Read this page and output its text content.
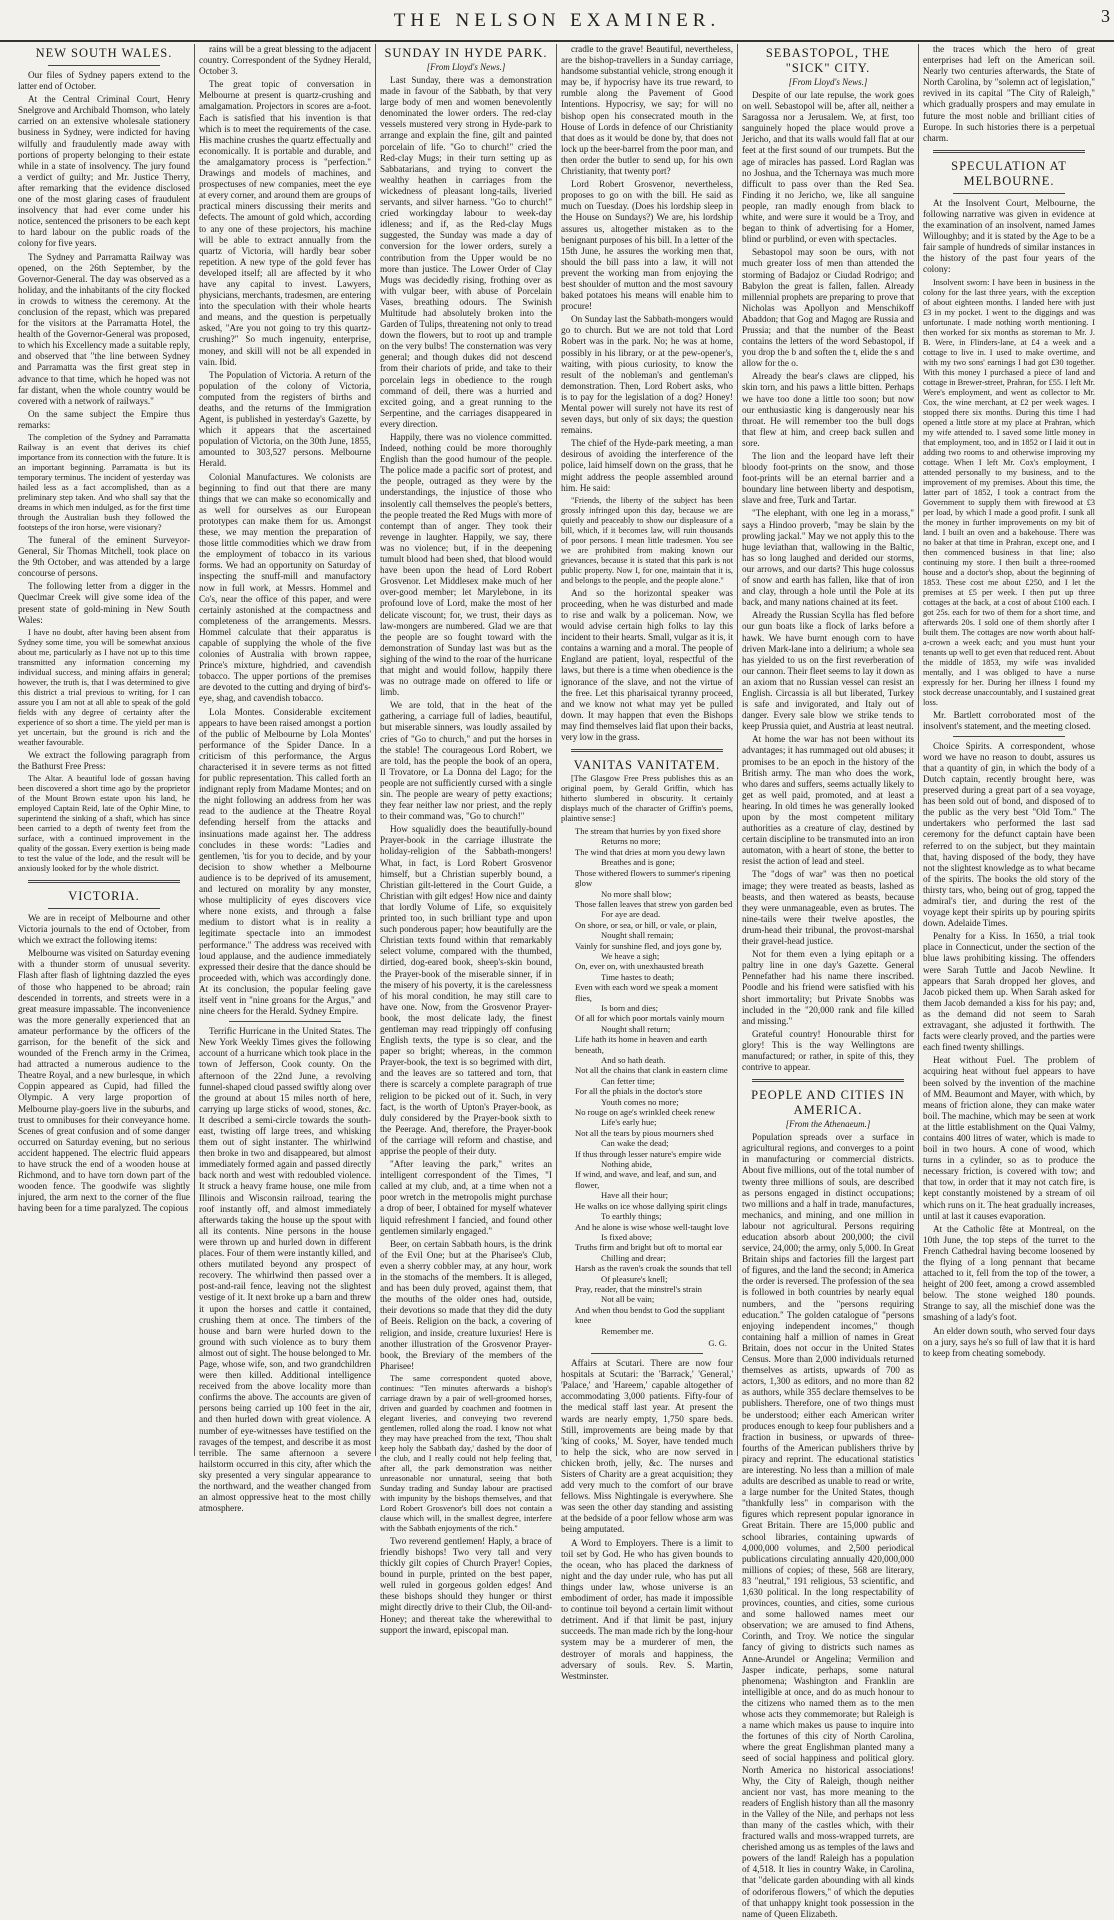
THE NELSON EXAMINER.	3
NEW SOUTH WALES.

Our files of Sydney papers extend to the latter end of October.

At the Central Criminal Court, Henry Snelgrove and Archibald Thomson, who lately carried on an extensive wholesale stationery business in Sydney, were indicted for having wilfully and fraudulently made away with portions of property belonging to their estate while in a state of insolvency. The jury found a verdict of guilty; and Mr. Justice Therry, after remarking that the evidence disclosed one of the most glaring cases of fraudulent insolvency that had ever come under his notice, sentenced the prisoners to be each kept to hard labour on the public roads of the colony for five years.

The Sydney and Parramatta Railway was opened, on the 26th September, by the Governor-General. The day was observed as a holiday, and the inhabitants of the city flocked in crowds to witness the ceremony. At the conclusion of the repast, which was prepared for the visitors at the Parramatta Hotel, the health of the Governor-General was proposed, to which his Excellency made a suitable reply, and observed that "the line between Sydney and Parramatta was the first great step in advance to that time, which he hoped was not far distant, when the whole country would be covered with a network of railways."

On the same subject the Empire thus remarks:

The completion of the Sydney and Parramatta Railway is an event that derives its chief importance from its connection with the future. It is an important beginning. Parramatta is but its temporary terminus. The incident of yesterday was hailed less as a fact accomplished, than as a preliminary step taken. And who shall say that the dreams in which men indulged, as for the first time through the Australian bush they followed the footsteps of the iron horse, were visionary?

The funeral of the eminent Surveyor-General, Sir Thomas Mitchell, took place on the 9th October, and was attended by a large concourse of persons.

The following letter from a digger in the Queclmar Creek will give some idea of the present state of gold-mining in New South Wales:

I have no doubt, after having been absent from Sydney some time, you will be somewhat anxious about me, particularly as I have not up to this time transmitted any information concerning my individual success, and mining affairs in general; however, the truth is, that I was determined to give this district a trial previous to writing, for I can assure you I am not at all able to speak of the gold fields with any degree of certainty after the experience of so short a time. The yield per man is yet uncertain, but the ground is rich and the weather favourable.

We extract the following paragraph from the Bathurst Free Press:

The Altar. A beautiful lode of gossan having been discovered a short time ago by the proprietor of the Mount Brown estate upon his land, he employed Captain Reid, late of the Ophir Mine, to superintend the sinking of a shaft, which has since been carried to a depth of twenty feet from the surface, with a continued improvement in the quality of the gossan. Every exertion is being made to test the value of the lode, and the result will be anxiously looked for by the whole district.

VICTORIA.

We are in receipt of Melbourne and other Victoria journals to the end of October, from which we extract the following items:

Melbourne was visited on Saturday evening with a thunder storm of unusual severity. Flash after flash of lightning dazzled the eyes of those who happened to be abroad; rain descended in torrents, and streets were in a great measure impassable. The inconvenience was the more generally experienced that an amateur performance by the officers of the garrison, for the benefit of the sick and wounded of the French army in the Crimea, had attracted a numerous audience to the Theatre Royal, and a new burlesque, in which Coppin appeared as Cupid, had filled the Olympic. A very large proportion of Melbourne play-goers live in the suburbs, and trust to omnibuses for their conveyance home. Scenes of great confusion and of some danger occurred on Saturday evening, but no serious accident happened. The electric fluid appears to have struck the end of a wooden house at Richmond, and to have torn down part of the wooden fence. The goodwife was slightly injured, the arm next to the corner of the flue having been for a time paralyzed. The copious

rains will be a great blessing to the adjacent country. Correspondent of the Sydney Herald, October 3.

The great topic of conversation in Melbourne at present is quartz-crushing and amalgamation. Projectors in scores are a-foot. Each is satisfied that his invention is that which is to meet the requirements of the case. His machine crushes the quartz effectually and economically. It is portable and durable, and the amalgamatory process is "perfection." Drawings and models of machines, and prospectuses of new companies, meet the eye at every corner, and around them are groups of practical miners discussing their merits and defects. The amount of gold which, according to any one of these projectors, his machine will be able to extract annually from the quartz of Victoria, will hardly bear sober repetition. A new type of the gold fever has developed itself; all are affected by it who have any capital to invest. Lawyers, physicians, merchants, tradesmen, are entering into the speculation with their whole hearts and means, and the question is perpetually asked, "Are you not going to try this quartz-crushing?" So much ingenuity, enterprise, money, and skill will not be all expended in vain. Ibid.

The Population of Victoria. A return of the population of the colony of Victoria, computed from the registers of births and deaths, and the returns of the Immigration Agent, is published in yesterday's Gazette, by which it appears that the ascertained population of Victoria, on the 30th June, 1855, amounted to 303,527 persons. Melbourne Herald.

Colonial Manufactures. We colonists are beginning to find out that there are many things that we can make so economically and as well for ourselves as our European prototypes can make them for us. Amongst these, we may mention the preparation of those little commodities which we draw from the employment of tobacco in its various forms. We had an opportunity on Saturday of inspecting the snuff-mill and manufactory now in full work, at Messrs. Hommel and Co's, near the office of this paper, and were certainly astonished at the compactness and completeness of the arrangements. Messrs. Hommel calculate that their apparatus is capable of supplying the whole of the five colonies of Australia with brown rappee, Prince's mixture, highdried, and cavendish tobacco. The upper portions of the premises are devoted to the cutting and drying of bird's-eye, shag, and cavendish tobacco.

Lola Montes. Considerable excitement appears to have been raised amongst a portion of the public of Melbourne by Lola Montes' performance of the Spider Dance. In a criticism of this performance, the Argus characterised it in severe terms as not fitted for public representation. This called forth an indignant reply from Madame Montes; and on the night following an address from her was read to the audience at the Theatre Royal defending herself from the attacks and insinuations made against her. The address concludes in these words: "Ladies and gentlemen, 'tis for you to decide, and by your decision to show whether a Melbourne audience is to be deprived of its amusement, and lectured on morality by any monster, whose multiplicity of eyes discovers vice where none exists, and through a false medium to distort what is in reality a legitimate spectacle into an immodest performance." The address was received with loud applause, and the audience immediately expressed their desire that the dance should be proceeded with, which was accordingly done. At its conclusion, the popular feeling gave itself vent in "nine groans for the Argus," and nine cheers for the Herald. Sydney Empire.

Terrific Hurricane in the United States. The New York Weekly Times gives the following account of a hurricane which took place in the town of Jefferson, Cook county. On the afternoon of the 22nd June, a revolving funnel-shaped cloud passed swiftly along over the ground at about 15 miles north of here, carrying up large sticks of wood, stones, &c. It described a semi-circle towards the south-east, twisting off large trees, and whisking them out of sight instanter. The whirlwind then broke in two and disappeared, but almost immediately formed again and passed directly back north and west with redoubled violence. It struck a heavy frame house, one mile from Illinois and Wisconsin railroad, tearing the roof instantly off, and almost immediately afterwards taking the house up the spout with all its contents. Nine persons in the house were thrown up and hurled down in different places. Four of them were instantly killed, and others mutilated beyond any prospect of recovery. The whirlwind then passed over a post-and-rail fence, leaving not the slightest vestige of it. It next broke up a barn and threw it upon the horses and cattle it contained, crushing them at once. The timbers of the house and barn were hurled down to the ground with such violence as to bury them almost out of sight. The house belonged to Mr. Page, whose wife, son, and two grandchildren were then killed. Additional intelligence received from the above locality more than confirms the above. The accounts are given of persons being carried up 100 feet in the air, and then hurled down with great violence. A number of eye-witnesses have testified on the ravages of the tempest, and describe it as most terrible. The same afternoon a severe hailstorm occurred in this city, after which the sky presented a very singular appearance to the northward, and the weather changed from an almost oppressive heat to the most chilly atmosphere.

SUNDAY IN HYDE PARK.
[From Lloyd's News.]

Last Sunday, there was a demonstration made in favour of the Sabbath, by that very large body of men and women benevolently denominated the lower orders. The red-clay vessels mustered very strong in Hyde-park to arrange and explain the fine, gilt and painted porcelain of life. "Go to church!" cried the Red-clay Mugs; in their turn setting up as Sabbatarians, and trying to convert the wealthy heathen in carriages from the wickedness of pleasant long-tails, liveried servants, and silver harness. "Go to church!" cried workingday labour to week-day idleness; and if, as the Red-clay Mugs suggested, the Sunday was made a day of conversion for the lower orders, surely a contribution from the Upper would be no more than justice. The Lower Order of Clay Mugs was decidedly rising, frothing over as with vulgar beer, with abuse of Porcelain Vases, breathing odours. The Swinish Multitude had absolutely broken into the Garden of Tulips, threatening not only to tread down the flowers, but to root up and trample on the very bulbs! The consternation was very general; and though dukes did not descend from their chariots of pride, and take to their porcelain legs in obedience to the rough command of deil, there was a hurried and excited going, and a great running to the Serpentine, and the carriages disappeared in every direction.

Happily, there was no violence committed. Indeed, nothing could be more thoroughly English than the good humour of the people. The police made a pacific sort of protest, and the people, outraged as they were by the understandings, the injustice of those who insolently call themselves the people's betters, the people treated the Red Mugs with more of contempt than of anger. They took their revenge in laughter. Happily, we say, there was no violence; but, if in the deepening tumult blood had been shed, that blood would have been upon the head of Lord Robert Grosvenor. Let Middlesex make much of her over-good member; let Marylebone, in its profound love of Lord, make the most of her delicate viscount; for, we trust, their days as law-mongers are numbered. Glad we are that the people are so fought toward with the demonstration of Sunday last was but as the sighing of the wind to the roar of the hurricane that might and would follow, happily there was no outrage made on offered to life or limb.

We are told, that in the heat of the gathering, a carriage full of ladies, beautiful, but miserable sinners, was loudly assailed by cries of "Go to church," and put the horses in the stable! The courageous Lord Robert, we are told, has the people the book of an opera, Il Trovatore, or La Donna del Lago; for the people are not sufficiently cursed with a single sin. The people are weary of petty exactions; they fear neither law nor priest, and the reply to their command was, "Go to church!"

How squalidly does the beautifully-bound Prayer-book in the carriage illustrate the holiday-religion of the Sabbath-mongers! What, in fact, is Lord Robert Grosvenor himself, but a Christian superbly bound, a Christian gilt-lettered in the Court Guide, a Christian with gilt edges! How nice and dainty that lordly Volume of Life, so exquisitely printed too, in such brilliant type and upon such ponderous paper; how beautifully are the Christian texts found within that remarkably select volume, compared with the thumbed, dirtied, dog-eared book, sheep's-skin bound, the Prayer-book of the miserable sinner, if in the misery of his poverty, it is the carelessness of his moral condition, he may still care to have one. Now, from the Grosvenor Prayer-book, the most delicate lady, the finest gentleman may read trippingly off confusing English texts, the type is so clear, and the paper so bright; whereas, in the common Prayer-book, the text is so begrimed with dirt, and the leaves are so tattered and torn, that there is scarcely a complete paragraph of true religion to be picked out of it. Such, in very fact, is the worth of Upton's Prayer-book, as duly considered by the Prayer-book sixth to the Peerage. And, therefore, the Prayer-book of the carriage will reform and chastise, and apprise the people of their duty.

"After leaving the park," writes an intelligent correspondent of the Times, "I called at my club, and, at a time when not a poor wretch in the metropolis might purchase a drop of beer, I obtained for myself whatever liquid refreshment I fancied, and found other gentlemen similarly engaged."

Beer, on certain Sabbath hours, is the drink of the Evil One; but at the Pharisee's Club, even a sherry cobbler may, at any hour, work in the stomachs of the members. It is alleged, and has been duly proved, against them, that the mouths of the older ones had, outside, their devotions so made that they did the duty of Beeis. Religion on the back, a covering of religion, and inside, creature luxuries! Here is another illustration of the Grosvenor Prayer-book, the Breviary of the members of the Pharisee!

The same correspondent quoted above, continues: "Ten minutes afterwards a bishop's carriage drawn by a pair of well-groomed horses, driven and guarded by coachmen and footmen in elegant liveries, and conveying two reverend gentlemen, rolled along the road. I know not what they may have preached from the text, 'Thou shalt keep holy the Sabbath day,' dashed by the door of the club, and I really could not help feeling that, after all, the park demonstration was neither unreasonable nor unnatural, seeing that both Sunday trading and Sunday labour are practised with impunity by the bishops themselves, and that Lord Robert Grosvenor's bill does not contain a clause which will, in the smallest degree, interfere with the Sabbath enjoyments of the rich."

Two reverend gentlemen! Haply, a brace of friendly bishops! Two very tall and very thickly gilt copies of Church Prayer! Copies, bound in purple, printed on the best paper, well ruled in gorgeous golden edges! And these bishops should they hunger or thirst might directly drive to their Club, the Oil-and-Honey; and thereat take the wherewithal to support the inward, episcopal man.

cradle to the grave! Beautiful, nevertheless, are the bishop-travellers in a Sunday carriage, handsome substantial vehicle, strong enough it may be, if hypocrisy have its true reward, to rumble along the Pavement of Good Intentions. Hypocrisy, we say; for will no bishop open his consecrated mouth in the House of Lords in defence of our Christianity that does as it would be done by, that does not lock up the beer-barrel from the poor man, and then order the butler to send up, for his own Christianity, that twenty port?

Lord Robert Grosvenor, nevertheless, proposes to go on with the bill. He said as much on Tuesday. (Does his lordship sleep in the House on Sundays?) We are, his lordship assures us, altogether mistaken as to the benignant purposes of his bill. In a letter of the 15th June, he assures the working men that, should the bill pass into a law, it will not prevent the working man from enjoying the best shoulder of mutton and the most savoury baked potatoes his means will enable him to procure!

On Sunday last the Sabbath-mongers would go to church. But we are not told that Lord Robert was in the park. No; he was at home, possibly in his library, or at the pew-opener's, waiting, with pious curiosity, to know the result of the nobleman's and gentleman's demonstration. Then, Lord Robert asks, who is to pay for the legislation of a dog? Honey! Mental power will surely not have its rest of seven days, but only of six days; the question remains.

The chief of the Hyde-park meeting, a man desirous of avoiding the interference of the police, laid himself down on the grass, that he might address the people assembled around him. He said:

"Friends, the liberty of the subject has been grossly infringed upon this day, because we are quietly and peaceably to show our displeasure of a bill, which, if it becomes law, will ruin thousands of poor persons. I mean little tradesmen. You see we are prohibited from making known our grievances, because it is stated that this park is not public property. Now I, for one, maintain that it is, and belongs to the people, and the people alone."

And so the horizontal speaker was proceeding, when he was disturbed and made to rise and walk by a policeman. Now, we would advise certain high folks to lay this incident to their hearts. Small, vulgar as it is, it contains a warning and a moral. The people of England are patient, loyal, respectful of the laws, but there is a time when obedience is the ignorance of the slave, and not the virtue of the free. Let this pharisaical tyranny proceed, and we know not what may yet be pulled down. It may happen that even the Bishops may find themselves laid flat upon their backs, very low in the grass.

VANITAS VANITATEM.

[The Glasgow Free Press publishes this as an original poem, by Gerald Griffin, which has hitherto slumbered in obscurity. It certainly displays much of the character of Griffin's poems, plaintive sense:]

The stream that hurries by yon fixed shore
Returns no more;
The wind that dries at morn you dewy lawn
Breathes and is gone;
Those withered flowers to summer's ripening glow
No more shall blow;
Those fallen leaves that strew yon garden bed
For aye are dead.
On shore, or sea, or hill, or vale, or plain,
Nought shall remain;
Vainly for sunshine fled, and joys gone by,
We heave a sigh;
On, ever on, with unexhausted breath
Time hastes to death;
Even with each word we speak a moment flies,
Is born and dies;
Of all for which poor mortals vainly mourn
Nought shall return;
Life hath its home in heaven and earth beneath,
And so hath death.
Not all the chains that clank in eastern clime
Can fetter time;
For all the phials in the doctor's store
Youth comes no more;
No rouge on age's wrinkled cheek renew
Life's early hue;
Not all the tears by pious mourners shed
Can wake the dead;
If thus through lesser nature's empire wide
Nothing abide,
If wind, and wave, and leaf, and sun, and flower,
Have all their hour;
He walks on ice whose dallying spirit clings
To earthly things;
And he alone is wise whose well-taught love
Is fixed above;
Truths firm and bright but oft to mortal ear
Chilling and drear;
Harsh as the raven's croak the sounds that tell
Of pleasure's knell;
Pray, reader, that the minstrel's strain
Not all be vain;
And when thou bendst to God the suppliant knee
Remember me.

G. G.

Affairs at Scutari. There are now four hospitals at Scutari: the 'Barrack,' 'General,' 'Palace,' and 'Hareem,' capable altogether of accommodating 3,000 patients. Fifty-four of the medical staff last year. At present the wards are nearly empty, 1,750 spare beds. Still, improvements are being made by that 'king of cooks,' M. Soyer, have tended much to help the sick, who are now served in chicken broth, jelly, &c. The nurses and Sisters of Charity are a great acquisition; they add very much to the comfort of our brave fellows. Miss Nightingale is everywhere. She was seen the other day standing and assisting at the bedside of a poor fellow whose arm was being amputated.

A Word to Employers. There is a limit to toil set by God. He who has given bounds to the ocean, who has placed the darkness of night and the day under rule, who has put all things under law, whose universe is an embodiment of order, has made it impossible to continue toil beyond a certain limit without detriment. And if that limit be past, injury succeeds. The man made rich by the long-hour system may be a murderer of men, the destroyer of morals and happiness, the adversary of souls. Rev. S. Martin, Westminster.

SEBASTOPOL, THE "SICK" CITY.
[From Lloyd's News.]

Despite of our late repulse, the work goes on well. Sebastopol will be, after all, neither a Saragossa nor a Jerusalem. We, at first, too sanguinely hoped the place would prove a Jericho, and that its walls would fall flat at our feet at the first sound of our trumpets. But the age of miracles has passed. Lord Raglan was no Joshua, and the Tchernaya was much more difficult to pass over than the Red Sea. Finding it no Jericho, we, like all sanguine people, ran madly enough from black to white, and were sure it would be a Troy, and began to think of advertising for a Homer, blind or purblind, or even with spectacles.

Sebastopol may soon be ours, with not much greater loss of men than attended the storming of Badajoz or Ciudad Rodrigo; and Babylon the great is fallen, fallen. Already millennial prophets are preparing to prove that Nicholas was Apollyon and Menschikoff Abaddon; that Gog and Magog are Russia and Prussia; and that the number of the Beast contains the letters of the word Sebastopol, if you drop the b and soften the t, elide the s and allow for the o.

Already the bear's claws are clipped, his skin torn, and his paws a little bitten. Perhaps we have too done a little too soon; but now our enthusiastic king is dangerously near his throat. He will remember too the bull dogs that flew at him, and creep back sullen and sore.

The lion and the leopard have left their bloody foot-prints on the snow, and those foot-prints will be an eternal barrier and a boundary line between liberty and despotism, slave and free, Turk and Tartar.

"The elephant, with one leg in a morass," says a Hindoo proverb, "may be slain by the prowling jackal." May we not apply this to the huge leviathan that, wallowing in the Baltic, has so long laughed and derided our storms, our arrows, and our darts? This huge colossus of snow and earth has fallen, like that of iron and clay, through a hole until the Pole at its back, and many nations chained at its feet.

Already the Russian Scylla has fled before our gun boats like a flock of larks before a hawk. We have burnt enough corn to have driven Mark-lane into a delirium; a whole sea has yielded to us on the first reverberation of our cannon. Their fleet seems to lay it down as an axiom that no Russian vessel can resist an English. Circassia is all but liberated, Turkey is safe and invigorated, and Italy out of danger. Every sale blow we strike tends to keep Prussia quiet, and Austria at least neutral.

At home the war has not been without its advantages; it has rummaged out old abuses; it promises to be an epoch in the history of the British army. The man who does the work, who dares and suffers, seems actually likely to get as well paid, promoted, and at least a hearing. In old times he was generally looked upon by the most competent military authorities as a creature of clay, destined by certain discipline to be transmuted into an iron automaton, with a heart of stone, the better to resist the action of lead and steel.

The "dogs of war" was then no poetical image; they were treated as beasts, lashed as beasts, and then watered as beasts, because they were unmanageable, even as brutes. The nine-tails were their twelve apostles, the drum-head their tribunal, the provost-marshal their gravel-head justice.

Not for them even a lying epitaph or a paltry line in one day's Gazette. General Pennefather had his name there inscribed. Poodle and his friend were satisfied with his short immortality; but Private Snobbs was included in the "20,000 rank and file killed and missing."

Grateful country! Honourable thirst for glory! This is the way Wellingtons are manufactured; or rather, in spite of this, they contrive to appear.

PEOPLE AND CITIES IN AMERICA.
[From the Athenaeum.]

Population spreads over a surface in agricultural regions, and converges to a point in manufacturing or commercial districts. About five millions, out of the total number of twenty three millions of souls, are described as persons engaged in distinct occupations; two millions and a half in trade, manufactures, mechanics, and mining, and one million in labour not agricultural. Persons requiring education absorb about 200,000; the civil service, 24,000; the army, only 5,000. In Great Britain ships and factories fill the largest part of figures, and the land the second; in America the order is reversed. The profession of the sea is followed in both countries by nearly equal numbers, and the "persons requiring education." The golden catalogue of "persons enjoying independent incomes," though containing half a million of names in Great Britain, does not occur in the United States Census. More than 2,000 individuals returned themselves as artists, upwards of 700 as actors, 1,300 as editors, and no more than 82 as authors, while 355 declare themselves to be publishers. Therefore, one of two things must be understood; either each American writer produces enough to keep four publishers and a fraction in business, or upwards of three-fourths of the American publishers thrive by piracy and reprint. The educational statistics are interesting. No less than a million of male adults are described as unable to read or write, a large number for the United States, though "thankfully less" in comparison with the figures which represent popular ignorance in Great Britain. There are 15,000 public and school libraries, containing upwards of 4,000,000 volumes, and 2,500 periodical publications circulating annually 420,000,000 millions of copies; of these, 568 are literary, 83 "neutral," 191 religious, 53 scientific, and 1,630 political. In the long respectability of provinces, counties, and cities, some curious and some hallowed names meet our observation; we are amused to find Athens, Corinth, and Troy. We notice the singular fancy of giving to districts such names as Anne-Arundel or Angelina; Vermilion and Jasper indicate, perhaps, some natural phenomena; Washington and Franklin are intelligible at once, and do as much honour to the citizens who named them as to the men whose acts they commemorate; but Raleigh is a name which makes us pause to inquire into the fortunes of this city of North Carolina, where the great Englishman planted many a seed of social happiness and political glory. North America no historical associations! Why, the City of Raleigh, though neither ancient nor vast, has more meaning to the readers of English history than all the masonry in the Valley of the Nile, and perhaps not less than many of the castles which, with their fractured walls and moss-wrapped turrets, are cherished among us as temples of the laws and powers of the land! Raleigh has a population of 4,518. It lies in country Wake, in Carolina, that "delicate garden abounding with all kinds of odoriferous flowers," of which the deputies of that unhappy knight took possession in the name of Queen Elizabeth.

the traces which the hero of great enterprises had left on the American soil. Nearly two centuries afterwards, the State of North Carolina, by "solemn act of legislation," revived in its capital "The City of Raleigh," which gradually prospers and may emulate in future the most noble and brilliant cities of Europe. In such histories there is a perpetual charm.

SPECULATION AT MELBOURNE.

At the Insolvent Court, Melbourne, the following narrative was given in evidence at the examination of an insolvent, named James Willoughby; and it is stated by the Age to be a fair sample of hundreds of similar instances in the history of the past four years of the colony:

Insolvent sworn: I have been in business in the colony for the last three years, with the exception of about eighteen months. I landed here with just £3 in my pocket. I went to the diggings and was unfortunate. I made nothing worth mentioning. I then worked for six months as storeman to Mr. J. B. Were, in Flinders-lane, at £4 a week and a cottage to live in. I used to make overtime, and with my two sons' earnings I had got £30 together. With this money I purchased a piece of land and cottage in Brewer-street, Prahran, for £55. I left Mr. Were's employment, and went as collector to Mr. Cox, the wine merchant, at £2 per week wages. I stopped there six months. During this time I had opened a little store at my place at Prahran, which my wife attended to. I saved some little money in that employment, too, and in 1852 or I laid it out in adding two rooms to and otherwise improving my cottage. When I left Mr. Cox's employment, I attended personally to my business, and to the improvement of my premises. About this time, the latter part of 1852, I took a contract from the Government to supply them with firewood at £3 per load, by which I made a good profit. I sunk all the money in further improvements on my bit of land. I built an oven and a bakehouse. There was no baker at that time in Prahran, except one, and I then commenced business in that line; also continuing my store. I then built a three-roomed house and a doctor's shop, about the beginning of 1853. These cost me about £250, and I let the premises at £5 per week. I then put up three cottages at the back, at a cost of about £100 each. I got 25s. each for two of them for a short time, and afterwards 20s. I sold one of them shortly after I built them. The cottages are now worth about half-a-crown a week each; and you must hunt your tenants up well to get even that reduced rent. About the middle of 1853, my wife was invalided mentally, and I was obliged to have a nurse expressly for her. During her illness I found my stock decrease unaccountably, and I sustained great loss.

Mr. Bartlett corroborated most of the insolvent's statement, and the meeting closed.

Choice Spirits. A correspondent, whose word we have no reason to doubt, assures us that a quantity of gin, in which the body of a Dutch captain, recently brought here, was preserved during a great part of a sea voyage, has been sold out of bond, and disposed of to the public as the very best "Old Tom." The undertakers who performed the last sad ceremony for the defunct captain have been referred to on the subject, but they maintain that, having disposed of the body, they have not the slightest knowledge as to what became of the spirits. The books the old story of the thirsty tars, who, being out of grog, tapped the admiral's tier, and during the rest of the voyage kept their spirits up by pouring spirits down. Adelaide Times.

Penalty for a Kiss. In 1650, a trial took place in Connecticut, under the section of the blue laws prohibiting kissing. The offenders were Sarah Tuttle and Jacob Newline. It appears that Sarah dropped her gloves, and Jacob picked them up. When Sarah asked for them Jacob demanded a kiss for his pay; and, as the demand did not seem to Sarah extravagant, she adjusted it forthwith. The facts were clearly proved, and the parties were each fined twenty shillings.

Heat without Fuel. The problem of acquiring heat without fuel appears to have been solved by the invention of the machine of MM. Beaumont and Mayer, with which, by means of friction alone, they can make water boil. The machine, which may be seen at work at the little establishment on the Quai Valmy, contains 400 litres of water, which is made to boil in two hours. A cone of wood, which turns in a cylinder, so as to produce the necessary friction, is covered with tow; and that tow, in order that it may not catch fire, is kept constantly moistened by a stream of oil which runs on it. The heat gradually increases, until at last it causes evaporation.

At the Catholic fête at Montreal, on the 10th June, the top steps of the turret to the French Cathedral having become loosened by the flying of a long pennant that became attached to it, fell from the top of the tower, a height of 200 feet, among a crowd assembled below. The stone weighed 180 pounds. Strange to say, all the mischief done was the smashing of a lady's foot.

An elder down south, who served four days on a jury, says he's so full of law that it is hard to keep from cheating somebody.
